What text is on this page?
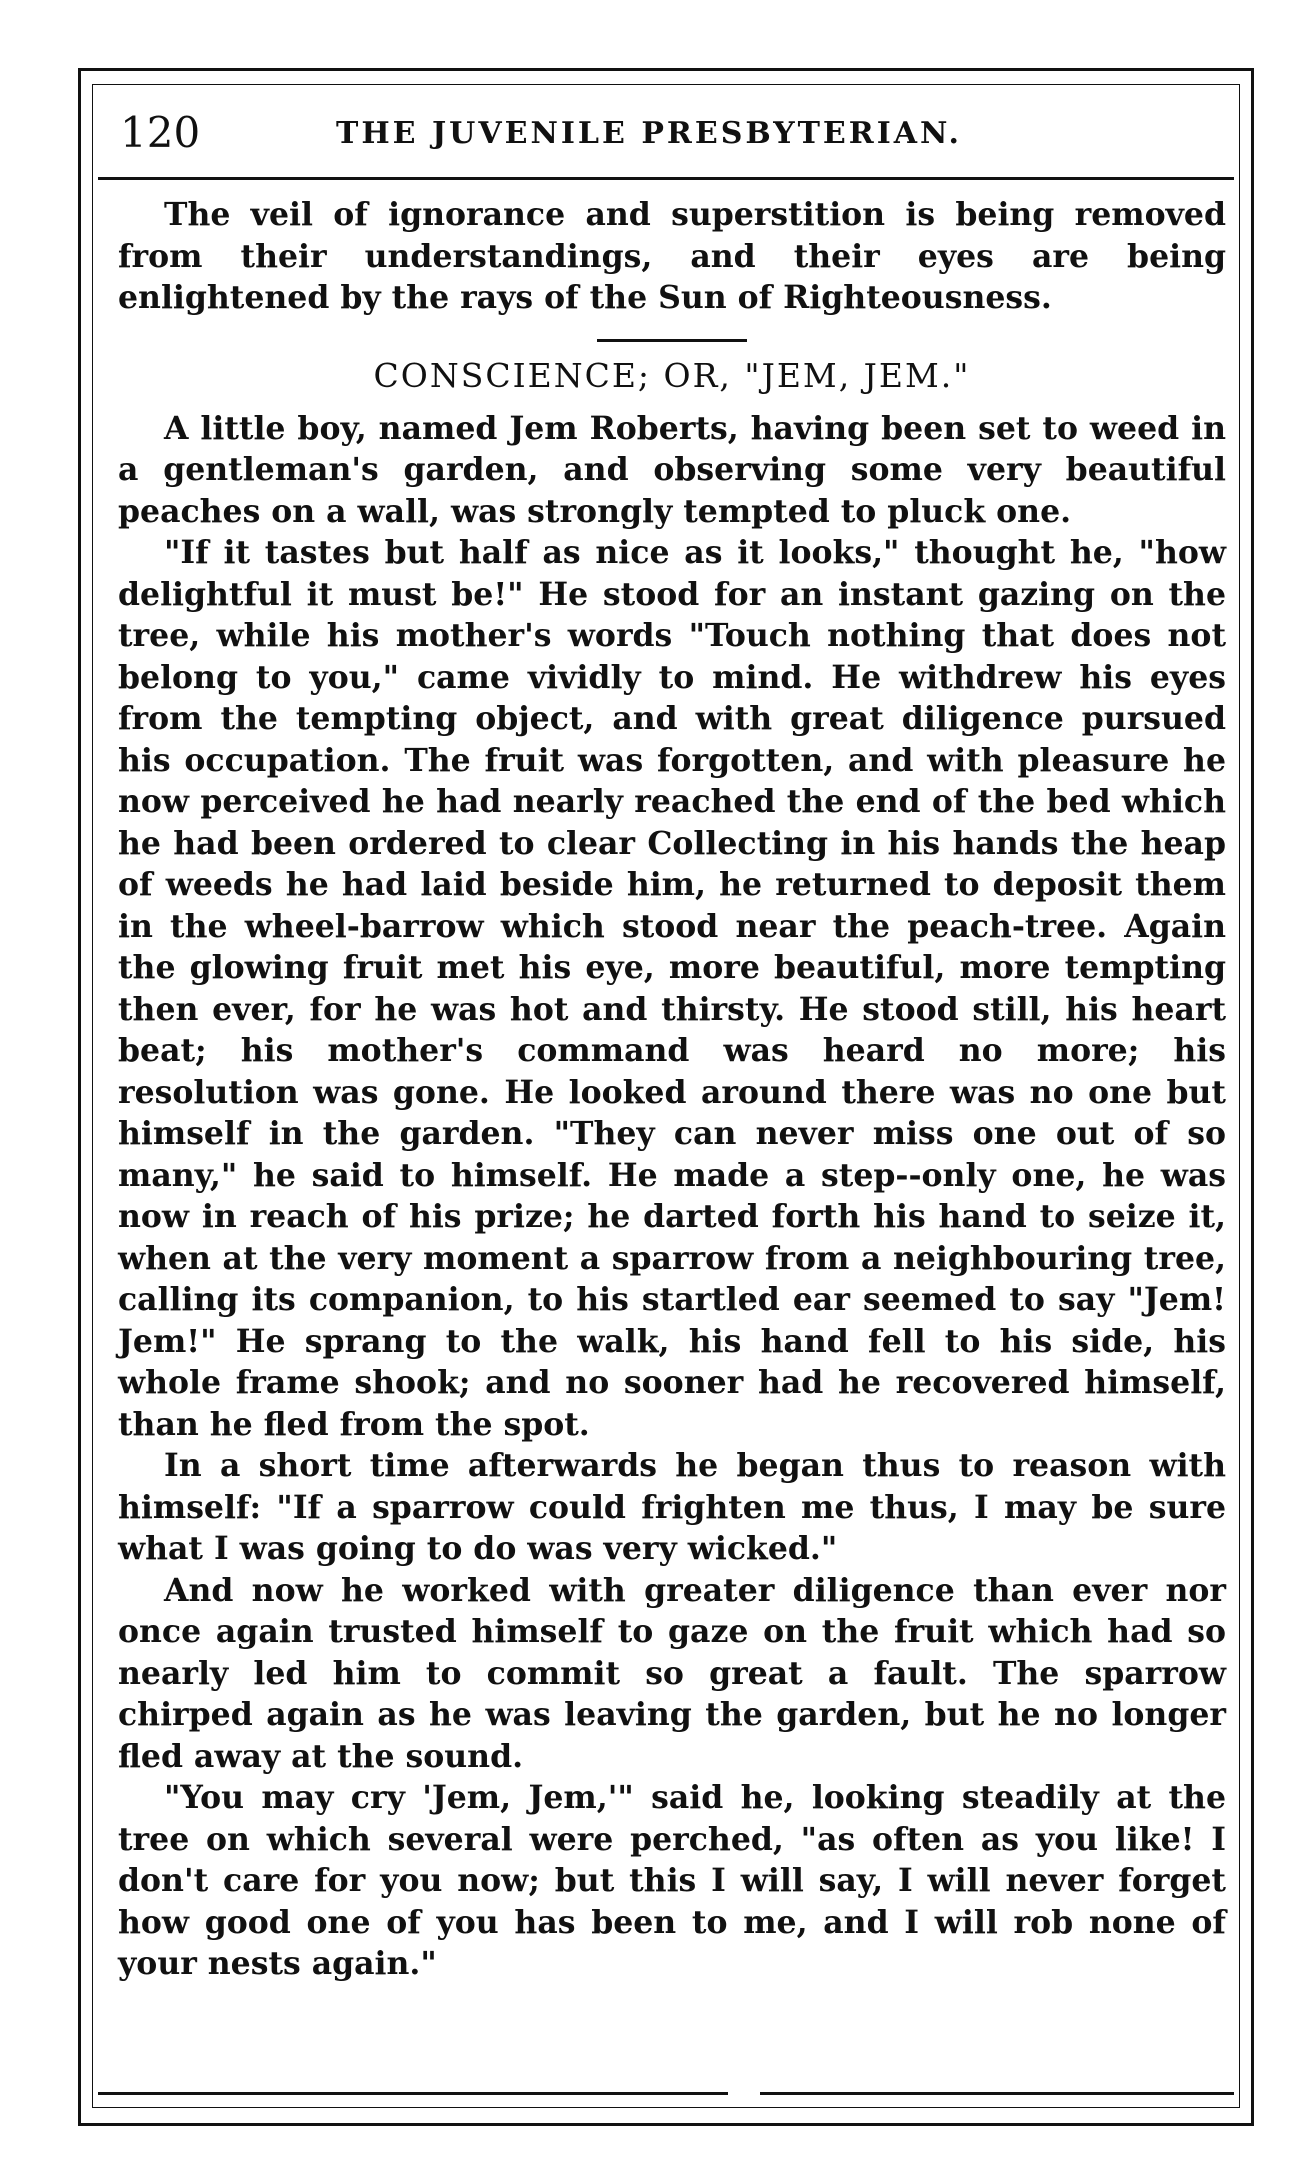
120	THE JUVENILE PRESBYTERIAN.

The veil of ignorance and superstition is being removed from their understandings, and their eyes are being enlightened by the rays of the Sun of Righteousness.

CONSCIENCE; OR, "JEM, JEM."

A little boy, named Jem Roberts, having been set to weed in a gentleman's garden, and observing some very beautiful peaches on a wall, was strongly tempted to pluck one.

"If it tastes but half as nice as it looks," thought he, "how delightful it must be!" He stood for an instant gazing on the tree, while his mother's words "Touch nothing that does not belong to you," came vividly to mind. He withdrew his eyes from the tempting object, and with great diligence pursued his occupation. The fruit was forgotten, and with pleasure he now perceived he had nearly reached the end of the bed which he had been ordered to clear Collecting in his hands the heap of weeds he had laid beside him, he returned to deposit them in the wheel-barrow which stood near the peach-tree. Again the glowing fruit met his eye, more beautiful, more tempting then ever, for he was hot and thirsty. He stood still, his heart beat; his mother's command was heard no more; his resolution was gone. He looked around there was no one but himself in the garden. "They can never miss one out of so many," he said to himself. He made a step--only one, he was now in reach of his prize; he darted forth his hand to seize it, when at the very moment a sparrow from a neighbouring tree, calling its companion, to his startled ear seemed to say "Jem! Jem!" He sprang to the walk, his hand fell to his side, his whole frame shook; and no sooner had he recovered himself, than he fled from the spot.

In a short time afterwards he began thus to reason with himself: "If a sparrow could frighten me thus, I may be sure what I was going to do was very wicked."

And now he worked with greater diligence than ever nor once again trusted himself to gaze on the fruit which had so nearly led him to commit so great a fault. The sparrow chirped again as he was leaving the garden, but he no longer fled away at the sound.

"You may cry 'Jem, Jem,'" said he, looking steadily at the tree on which several were perched, "as often as you like! I don't care for you now; but this I will say, I will never forget how good one of you has been to me, and I will rob none of your nests again."
